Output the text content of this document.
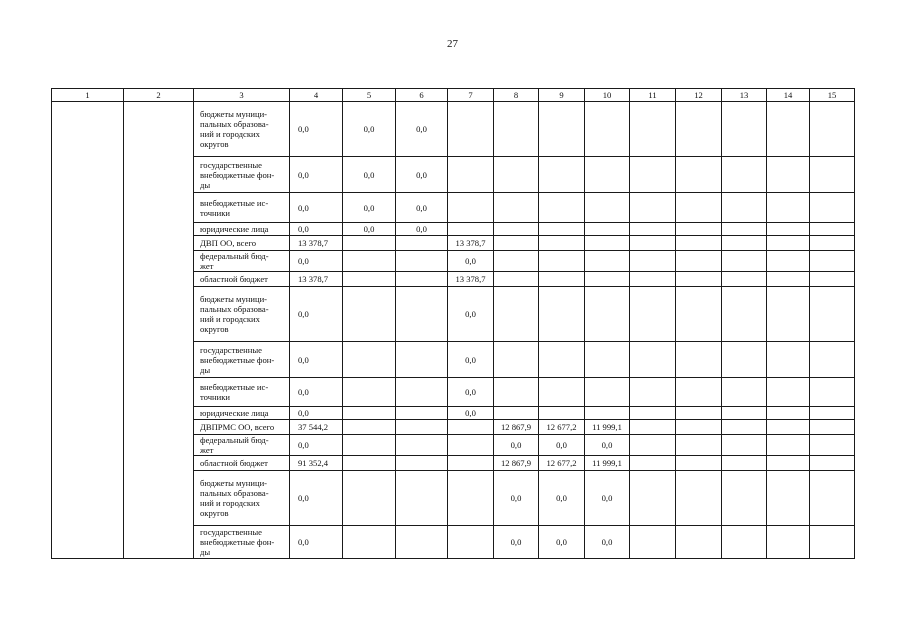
27
1	2	3	4	5	6	7	8	9	10	11	12	13	14	15
		бюджеты муници-
пальных образова-
ний и городских
округов	0,0	0,0	0,0									
		государственные
внебюджетные фон-
ды	0,0	0,0	0,0									
		внебюджетные ис-
точники	0,0	0,0	0,0									
		юридические лица	0,0	0,0	0,0									
		ДВП ОО, всего	13 378,7			13 378,7								
		федеральный бюд-
жет	0,0			0,0								
		областной бюджет	13 378,7			13 378,7								
		бюджеты муници-
пальных образова-
ний и городских
округов	0,0			0,0								
		государственные
внебюджетные фон-
ды	0,0			0,0								
		внебюджетные ис-
точники	0,0			0,0								
		юридические лица	0,0			0,0								
		ДВПРМС ОО, всего	37 544,2				12 867,9	12 677,2	11 999,1					
		федеральный бюд-
жет	0,0				0,0	0,0	0,0					
		областной бюджет	91 352,4				12 867,9	12 677,2	11 999,1					
		бюджеты муници-
пальных образова-
ний и городских
округов	0,0				0,0	0,0	0,0					
		государственные
внебюджетные фон-
ды	0,0				0,0	0,0	0,0					
